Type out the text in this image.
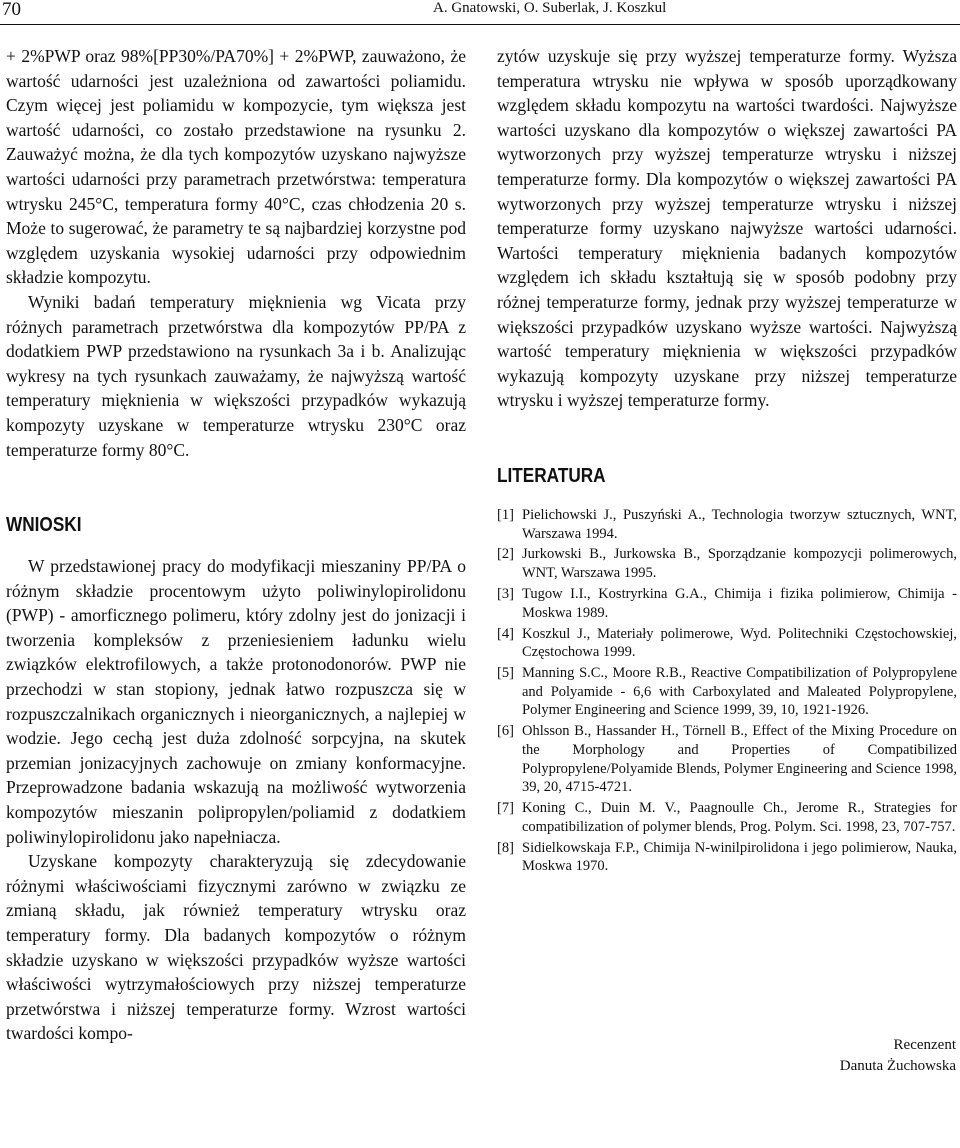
70	A. Gnatowski, O. Suberlak, J. Koszkul

+ 2%PWP oraz 98%[PP30%/PA70%] + 2%PWP, zauważono, że wartość udarności jest uzależniona od zawartości poliamidu. Czym więcej jest poliamidu w kompozycie, tym większa jest wartość udarności, co zostało przedstawione na rysunku 2. Zauważyć można, że dla tych kompozytów uzyskano najwyższe wartości udarności przy parametrach przetwórstwa: temperatura wtrysku 245°C, temperatura formy 40°C, czas chłodzenia 20 s. Może to sugerować, że parametry te są najbardziej korzystne pod względem uzyskania wysokiej udarności przy odpowiednim składzie kompozytu.

Wyniki badań temperatury mięknienia wg Vicata przy różnych parametrach przetwórstwa dla kompozytów PP/PA z dodatkiem PWP przedstawiono na rysunkach 3a i b. Analizując wykresy na tych rysunkach zauważamy, że najwyższą wartość temperatury mięknienia w większości przypadków wykazują kompozyty uzyskane w temperaturze wtrysku 230°C oraz temperaturze formy 80°C.

WNIOSKI

W przedstawionej pracy do modyfikacji mieszaniny PP/PA o różnym składzie procentowym użyto poliwinylopirolidonu (PWP) - amorficznego polimeru, który zdolny jest do jonizacji i tworzenia kompleksów z przeniesieniem ładunku wielu związków elektrofilowych, a także protonodonorów. PWP nie przechodzi w stan stopiony, jednak łatwo rozpuszcza się w rozpuszczalnikach organicznych i nieorganicznych, a najlepiej w wodzie. Jego cechą jest duża zdolność sorpcyjna, na skutek przemian jonizacyjnych zachowuje on zmiany konformacyjne. Przeprowadzone badania wskazują na możliwość wytworzenia kompozytów mieszanin polipropylen/poliamid z dodatkiem poliwinylopirolidonu jako napełniacza.

Uzyskane kompozyty charakteryzują się zdecydowanie różnymi właściwościami fizycznymi zarówno w związku ze zmianą składu, jak również temperatury wtrysku oraz temperatury formy. Dla badanych kompozytów o różnym składzie uzyskano w większości przypadków wyższe wartości właściwości wytrzymałościowych przy niższej temperaturze przetwórstwa i niższej temperaturze formy. Wzrost wartości twardości kompo-

zytów uzyskuje się przy wyższej temperaturze formy. Wyższa temperatura wtrysku nie wpływa w sposób uporządkowany względem składu kompozytu na wartości twardości. Najwyższe wartości uzyskano dla kompozytów o większej zawartości PA wytworzonych przy wyższej temperaturze wtrysku i niższej temperaturze formy. Dla kompozytów o większej zawartości PA wytworzonych przy wyższej temperaturze wtrysku i niższej temperaturze formy uzyskano najwyższe wartości udarności. Wartości temperatury mięknienia badanych kompozytów względem ich składu kształtują się w sposób podobny przy różnej temperaturze formy, jednak przy wyższej temperaturze w większości przypadków uzyskano wyższe wartości. Najwyższą wartość temperatury mięknienia w większości przypadków wykazują kompozyty uzyskane przy niższej temperaturze wtrysku i wyższej temperaturze formy.

LITERATURA
[1] Pielichowski J., Puszyński A., Technologia tworzyw sztucznych, WNT, Warszawa 1994.
[2] Jurkowski B., Jurkowska B., Sporządzanie kompozycji polimerowych, WNT, Warszawa 1995.
[3] Tugow I.I., Kostryrkina G.A., Chimija i fizika polimierow, Chimija - Moskwa 1989.
[4] Koszkul J., Materiały polimerowe, Wyd. Politechniki Częstochowskiej, Częstochowa 1999.
[5] Manning S.C., Moore R.B., Reactive Compatibilization of Polypropylene and Polyamide - 6,6 with Carboxylated and Maleated Polypropylene, Polymer Engineering and Science 1999, 39, 10, 1921-1926.
[6] Ohlsson B., Hassander H., Törnell B., Effect of the Mixing Procedure on the Morphology and Properties of Compatibilized Polypropylene/Polyamide Blends, Polymer Engineering and Science 1998, 39, 20, 4715-4721.
[7] Koning C., Duin M. V., Paagnoulle Ch., Jerome R., Strategies for compatibilization of polymer blends, Prog. Polym. Sci. 1998, 23, 707-757.
[8] Sidielkowskaja F.P., Chimija N-winilpirolidona i jego polimierow, Nauka, Moskwa 1970.
Recenzent
Danuta Żuchowska
